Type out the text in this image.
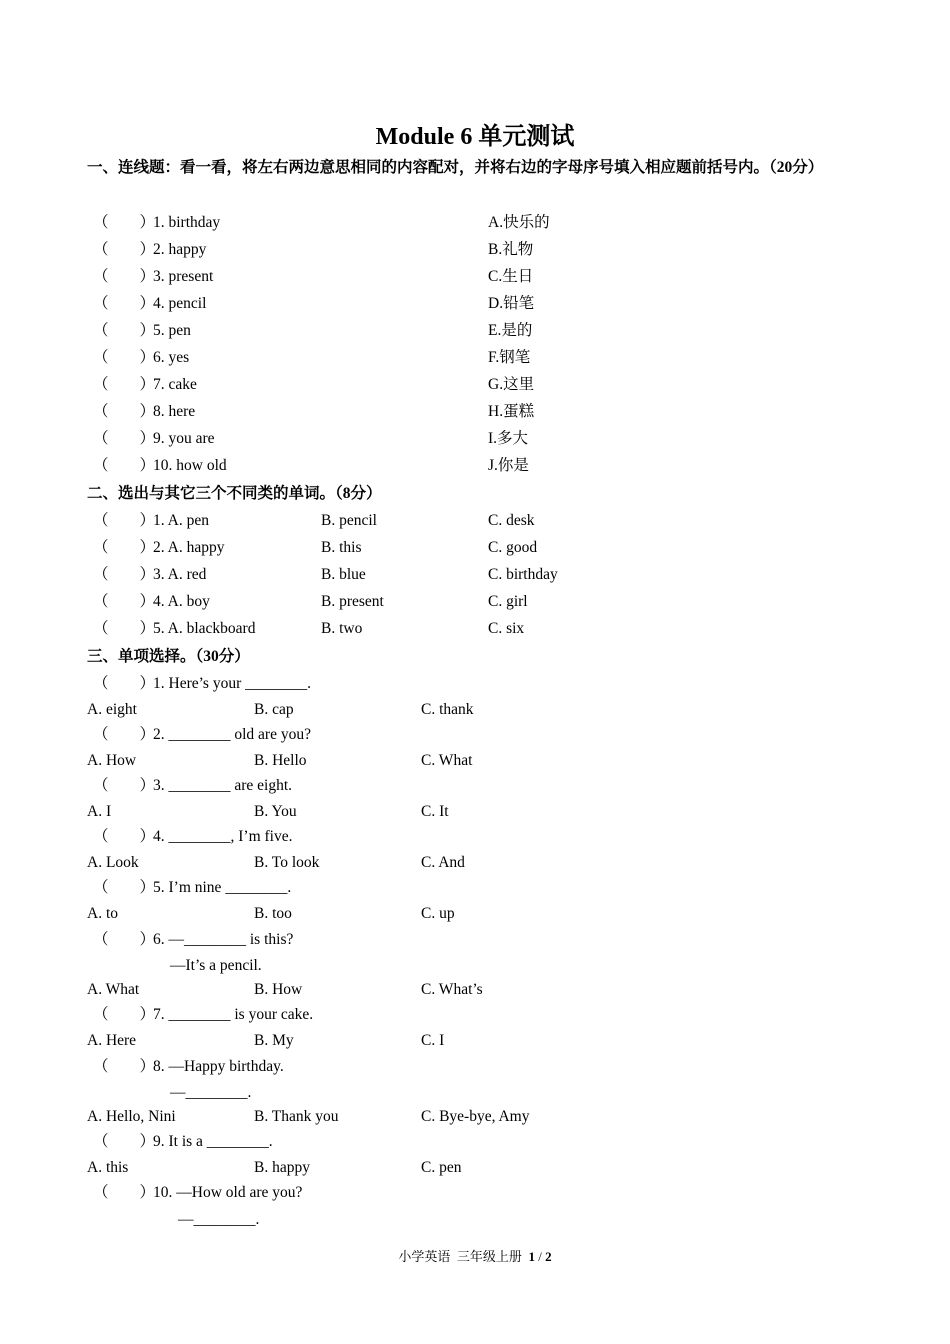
Module 6 单元测试
一、连线题：看一看，将左右两边意思相同的内容配对，并将右边的字母序号填入相应题前括号内。（20分）
（        ）
1. birthday	A.快乐的
（        ）
2. happy	B.礼物
（        ）
3. present	C.生日
（        ）
4. pencil	D.铅笔
（        ）
5. pen	E.是的
（        ）
6. yes	F.钢笔
（        ）
7. cake	G.这里
（        ）
8. here	H.蛋糕
（        ）
9. you are	I.多大
（        ）
10. how old	J.你是
二、选出与其它三个不同类的单词。（8分）
（        ）
1. A. pen	B. pencil	C. desk
（        ）
2. A. happy	B. this	C. good
（        ）
3. A. red	B. blue	C. birthday
（        ）
4. A. boy	B. present	C. girl
（        ）
5. A. blackboard	B. two	C. six
三、单项选择。（30分）
（        ）
1. Here’s your ________.
A. eight	B. cap	C. thank
（        ）
2. ________ old are you?
A. How	B. Hello	C. What
（        ）
3. ________ are eight.
A. I	B. You	C. It
（        ）
4. ________, I’m five.
A. Look	B. To look	C. And
（        ）
5. I’m nine ________.
A. to	B. too	C. up
（        ）
6. —________ is this?
—It’s a pencil.
A. What	B. How	C. What’s
（        ）
7. ________ is your cake.
A. Here	B. My	C. I
（        ）
8. —Happy birthday.
—________.
A. Hello, Nini	B. Thank you	C. Bye-bye, Amy
（        ）
9. It is a ________.
A. this	B. happy	C. pen
（        ）
10. —How old are you?
—________.
小学英语  三年级上册  1 / 2
